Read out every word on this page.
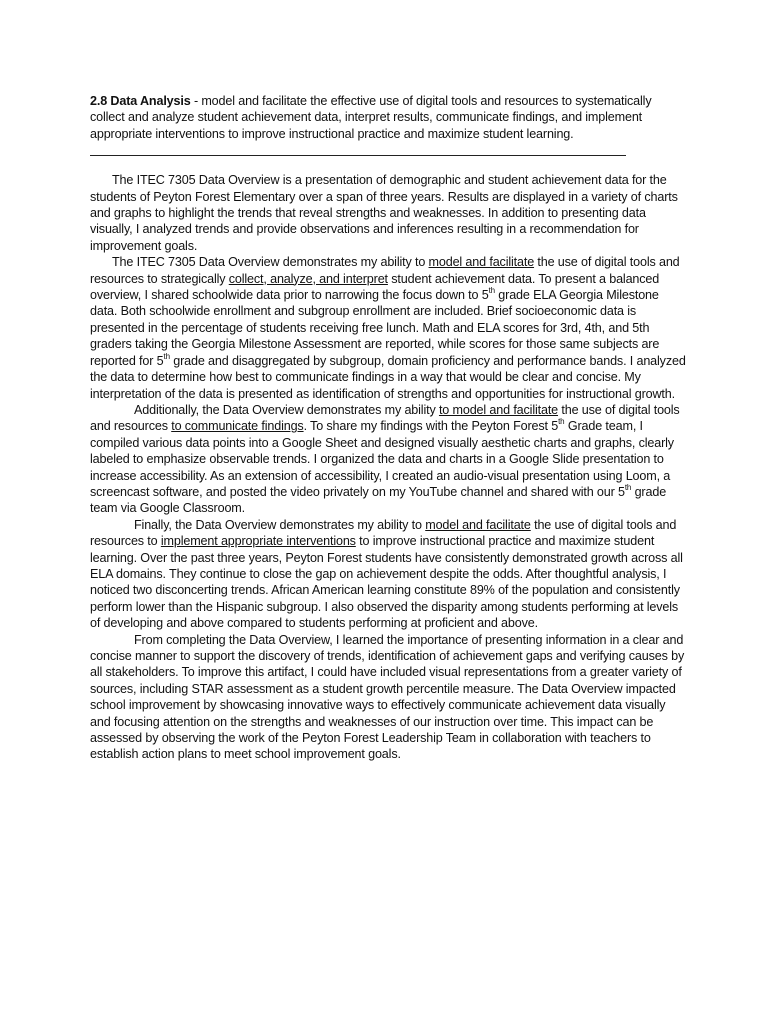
2.8 Data Analysis - model and facilitate the effective use of digital tools and resources to systematically collect and analyze student achievement data, interpret results, communicate findings, and implement appropriate interventions to improve instructional practice and maximize student learning.

The ITEC 7305 Data Overview is a presentation of demographic and student achievement data for the students of Peyton Forest Elementary over a span of three years. Results are displayed in a variety of charts and graphs to highlight the trends that reveal strengths and weaknesses. In addition to presenting data visually, I analyzed trends and provide observations and inferences resulting in a recommendation for improvement goals.

The ITEC 7305 Data Overview demonstrates my ability to model and facilitate the use of digital tools and resources to strategically collect, analyze, and interpret student achievement data. To present a balanced overview, I shared schoolwide data prior to narrowing the focus down to 5th grade ELA Georgia Milestone data. Both schoolwide enrollment and subgroup enrollment are included. Brief socioeconomic data is presented in the percentage of students receiving free lunch. Math and ELA scores for 3rd, 4th, and 5th graders taking the Georgia Milestone Assessment are reported, while scores for those same subjects are reported for 5th grade and disaggregated by subgroup, domain proficiency and performance bands. I analyzed the data to determine how best to communicate findings in a way that would be clear and concise. My interpretation of the data is presented as identification of strengths and opportunities for instructional growth.

Additionally, the Data Overview demonstrates my ability to model and facilitate the use of digital tools and resources to communicate findings. To share my findings with the Peyton Forest 5th Grade team, I compiled various data points into a Google Sheet and designed visually aesthetic charts and graphs, clearly labeled to emphasize observable trends. I organized the data and charts in a Google Slide presentation to increase accessibility. As an extension of accessibility, I created an audio-visual presentation using Loom, a screencast software, and posted the video privately on my YouTube channel and shared with our 5th grade team via Google Classroom.

Finally, the Data Overview demonstrates my ability to model and facilitate the use of digital tools and resources to implement appropriate interventions to improve instructional practice and maximize student learning. Over the past three years, Peyton Forest students have consistently demonstrated growth across all ELA domains. They continue to close the gap on achievement despite the odds. After thoughtful analysis, I noticed two disconcerting trends. African American learning constitute 89% of the population and consistently perform lower than the Hispanic subgroup. I also observed the disparity among students performing at levels of developing and above compared to students performing at proficient and above.

From completing the Data Overview, I learned the importance of presenting information in a clear and concise manner to support the discovery of trends, identification of achievement gaps and verifying causes by all stakeholders. To improve this artifact, I could have included visual representations from a greater variety of sources, including STAR assessment as a student growth percentile measure. The Data Overview impacted school improvement by showcasing innovative ways to effectively communicate achievement data visually and focusing attention on the strengths and weaknesses of our instruction over time. This impact can be assessed by observing the work of the Peyton Forest Leadership Team in collaboration with teachers to establish action plans to meet school improvement goals.
